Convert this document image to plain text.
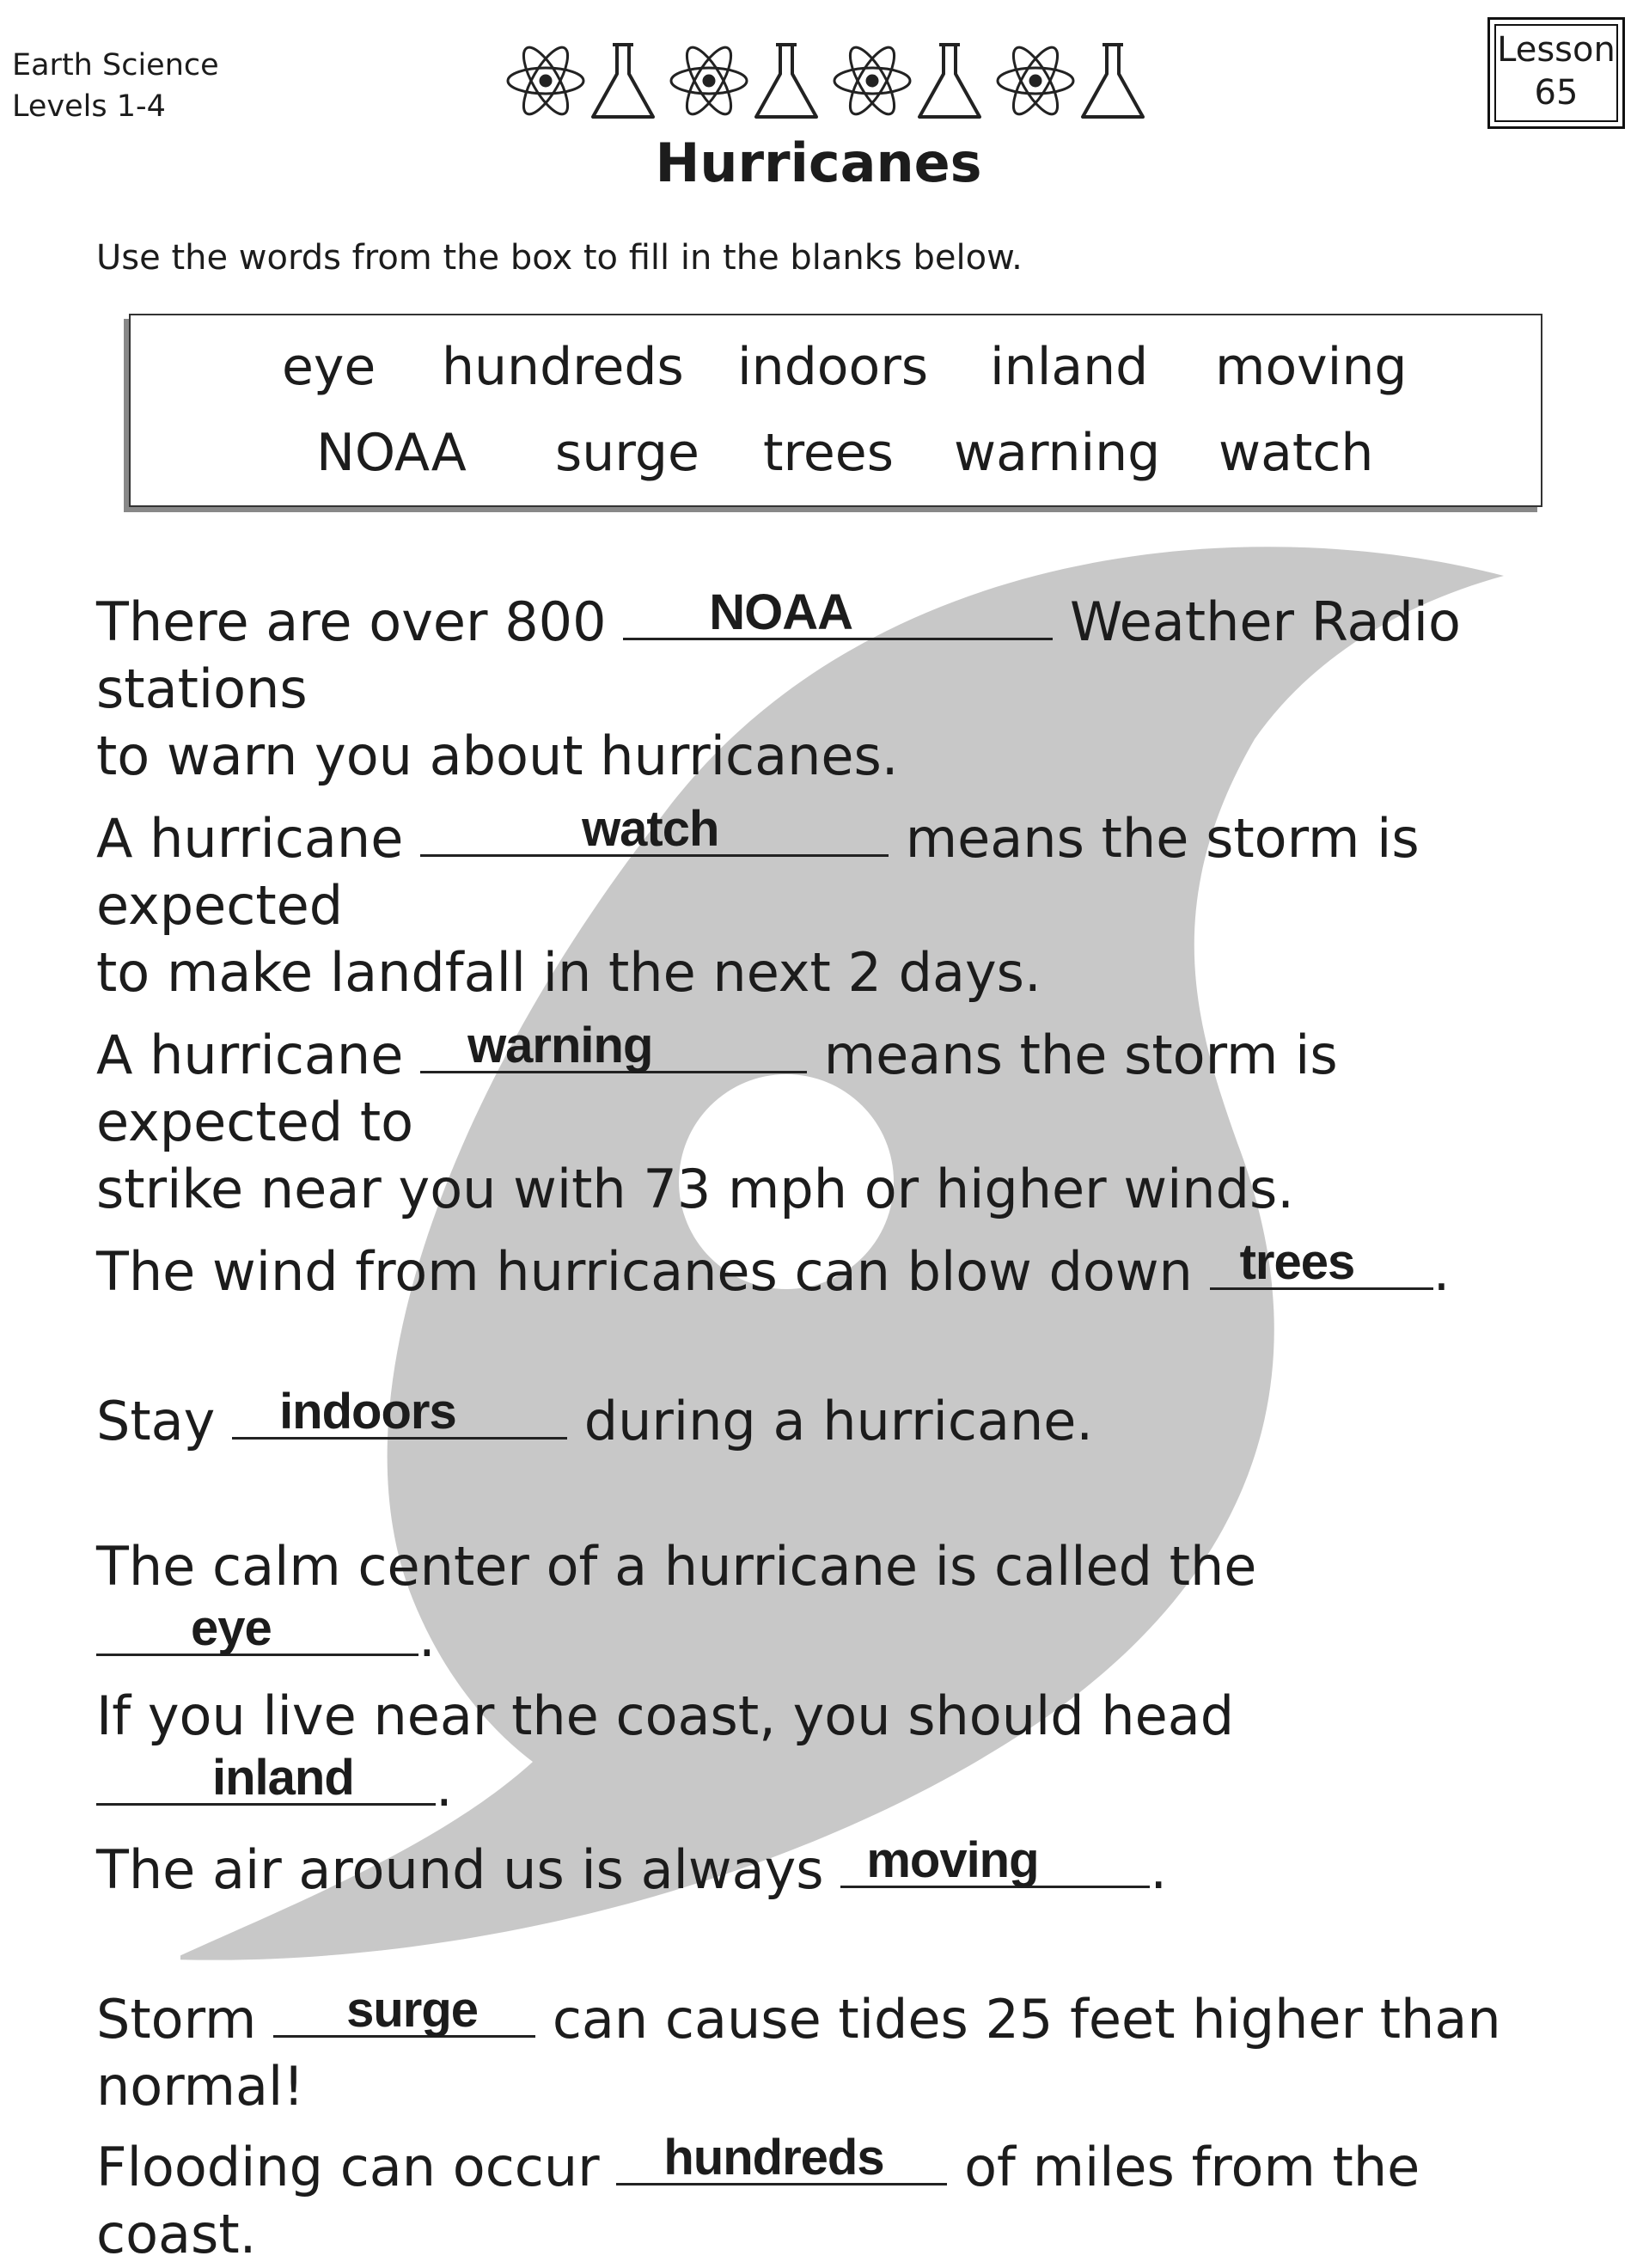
Earth Science
Levels 1-4
Lesson
65
Hurricanes
Use the words from the box to fill in the blanks below.
eye hundreds indoors inland moving
NOAA surge trees warning watch
There are over 800 NOAA	Weather Radio stations
to warn you about hurricanes.
A hurricane	watch	means the storm is expected
to make landfall in the next 2 days.
A hurricane warning	means the storm is expected to
strike near you with 73 mph or higher winds.
The wind from hurricanes can blow down trees .
Stay indoors during a hurricane.
The calm center of a hurricane is called the
eye	.
If you live near the coast, you should head
inland .
The air around us is always moving .
Storm surge can cause tides 25 feet higher than normal!
Flooding can occur hundreds of miles from the coast.
